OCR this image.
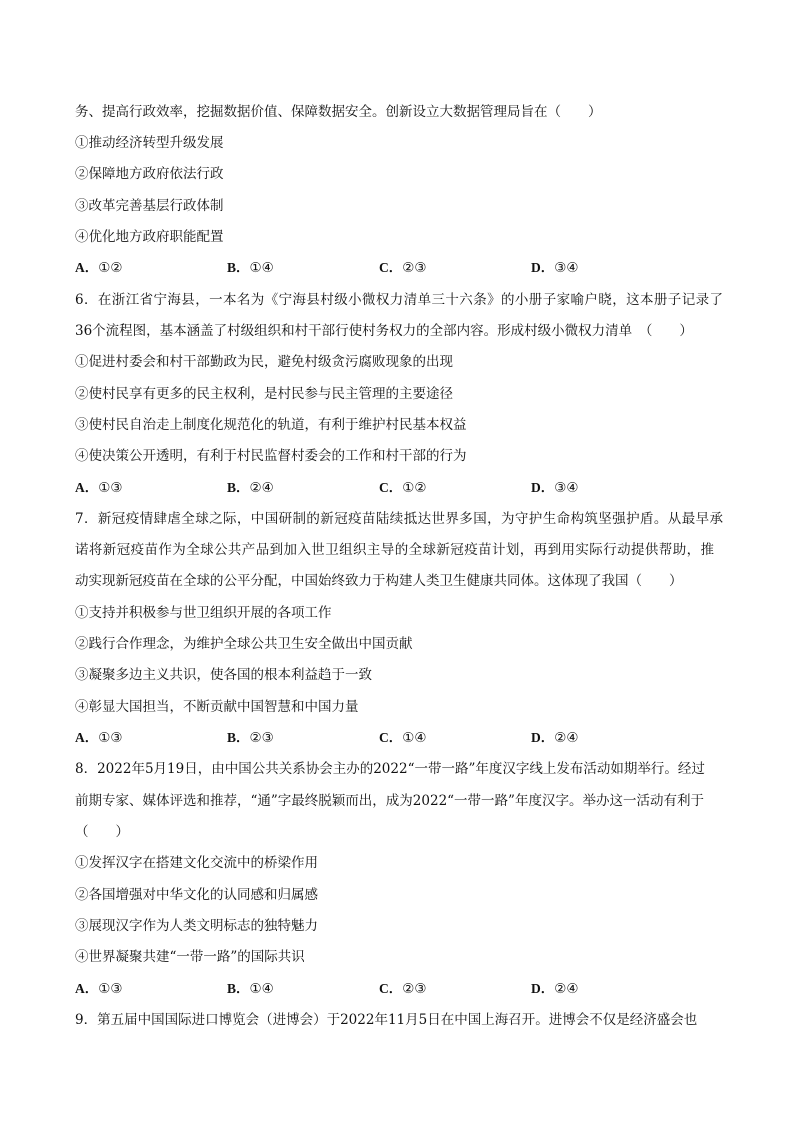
务、提高行政效率，挖掘数据价值、保障数据安全。创新设立大数据管理局旨在（　　）
①推动经济转型升级发展
②保障地方政府依法行政
③改革完善基层行政体制
④优化地方政府职能配置
A．①②	B．①④	C．②③	D．③④
6．在浙江省宁海县，一本名为《宁海县村级小微权力清单三十六条》的小册子家喻户晓，这本册子记录了
36个流程图，基本涵盖了村级组织和村干部行使村务权力的全部内容。形成村级小微权力清单　（　　）
①促进村委会和村干部勤政为民，避免村级贪污腐败现象的出现
②使村民享有更多的民主权利，是村民参与民主管理的主要途径
③使村民自治走上制度化规范化的轨道，有利于维护村民基本权益
④使决策公开透明，有利于村民监督村委会的工作和村干部的行为
A．①③	B．②④	C．①②	D．③④
7．新冠疫情肆虐全球之际，中国研制的新冠疫苗陆续抵达世界多国，为守护生命构筑坚强护盾。从最早承
诺将新冠疫苗作为全球公共产品到加入世卫组织主导的全球新冠疫苗计划，再到用实际行动提供帮助，推
动实现新冠疫苗在全球的公平分配，中国始终致力于构建人类卫生健康共同体。这体现了我国（　　）
①支持并积极参与世卫组织开展的各项工作
②践行合作理念，为维护全球公共卫生安全做出中国贡献
③凝聚多边主义共识，使各国的根本利益趋于一致
④彰显大国担当，不断贡献中国智慧和中国力量
A．①③	B．②③	C．①④	D．②④
8．2022年5月19日，由中国公共关系协会主办的2022“一带一路”年度汉字线上发布活动如期举行。经过
前期专家、媒体评选和推荐，“通”字最终脱颖而出，成为2022“一带一路”年度汉字。举办这一活动有利于
（　　）
①发挥汉字在搭建文化交流中的桥梁作用
②各国增强对中华文化的认同感和归属感
③展现汉字作为人类文明标志的独特魅力
④世界凝聚共建“一带一路”的国际共识
A．①③	B．①④	C．②③	D．②④
9．第五届中国国际进口博览会（进博会）于2022年11月5日在中国上海召开。进博会不仅是经济盛会也
